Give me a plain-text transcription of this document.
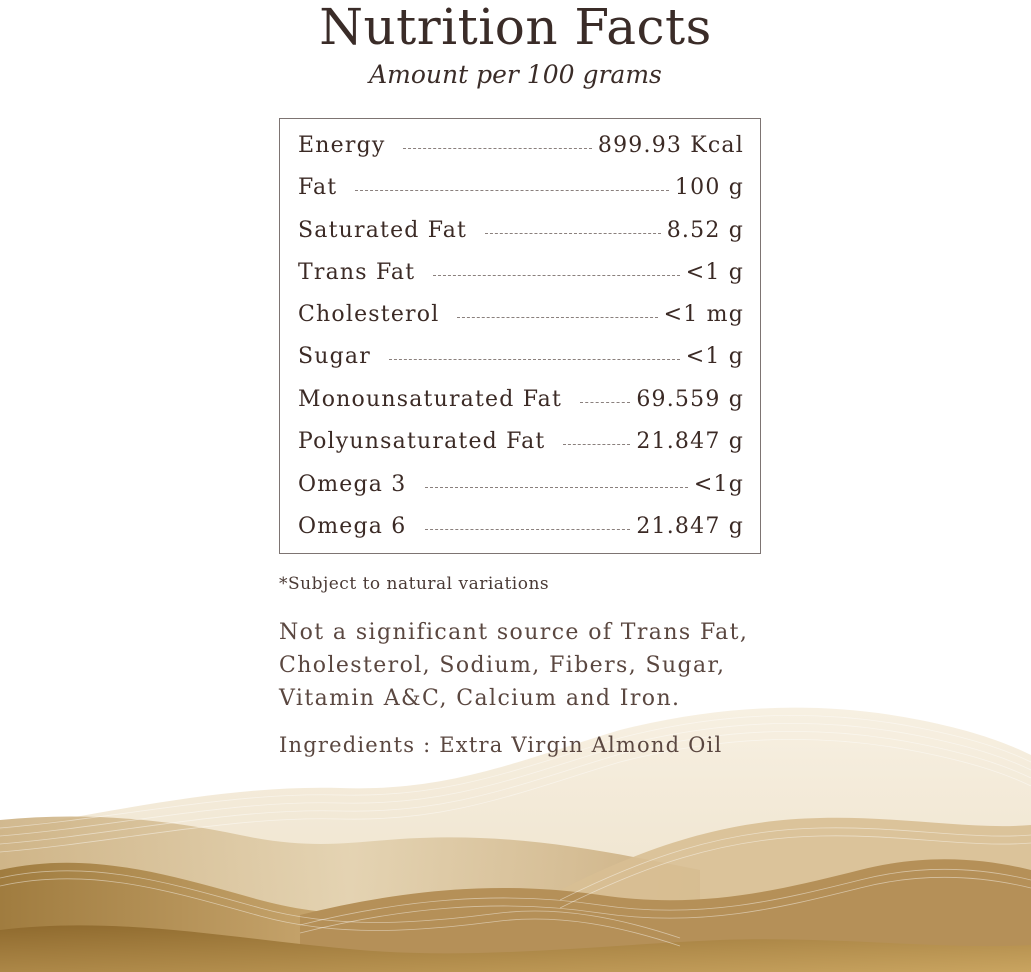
Nutrition Facts
Amount per 100 grams
Energy	899.93 Kcal
Fat	100 g
Saturated Fat	8.52 g
Trans Fat	<1 g
Cholesterol	<1 mg
Sugar	<1 g
Monounsaturated Fat	69.559 g
Polyunsaturated Fat	21.847 g
Omega 3	<1g
Omega 6	21.847 g
*Subject to natural variations
Not a significant source of Trans Fat, Cholesterol, Sodium, Fibers, Sugar, Vitamin A&C, Calcium and Iron.
Ingredients : Extra Virgin Almond Oil
